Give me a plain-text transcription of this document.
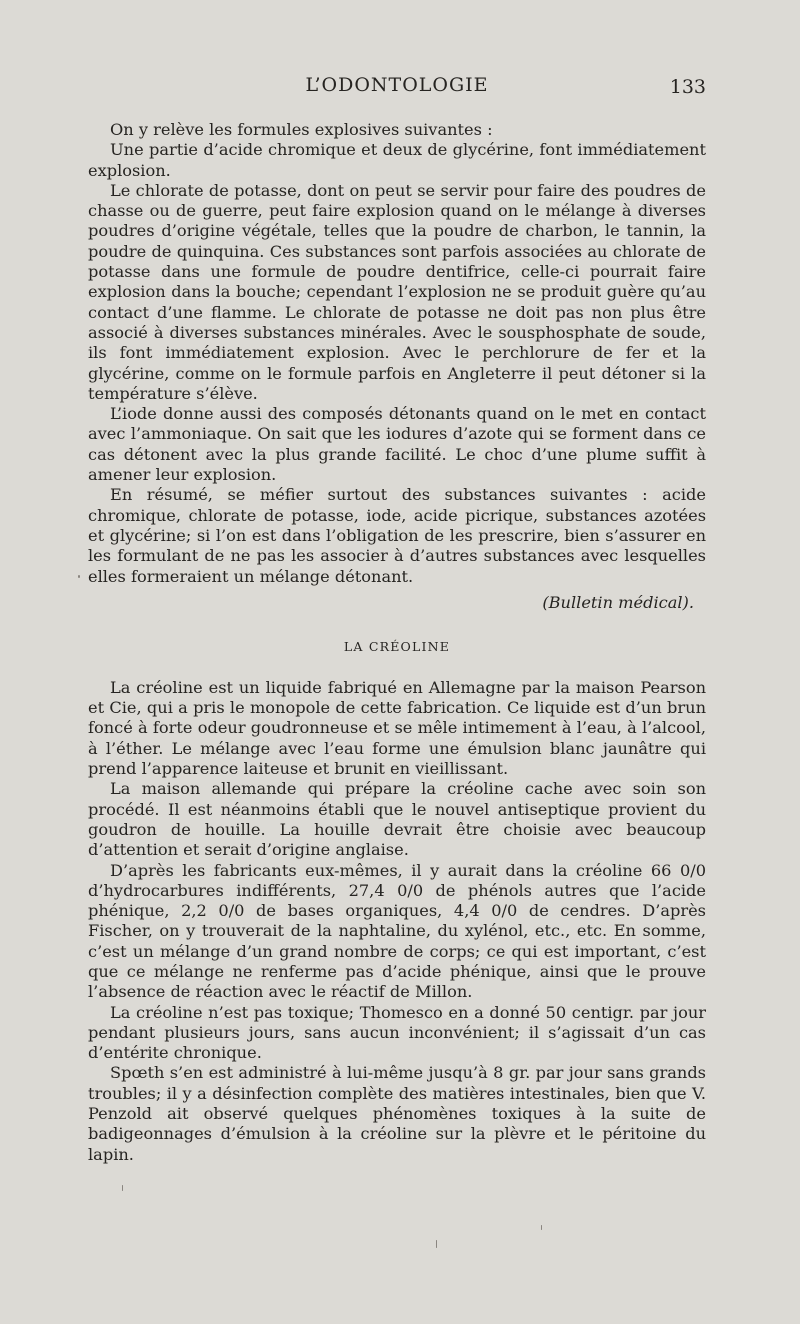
L’ODONTOLOGIE	133

On y relève les formules explosives suivantes :

Une partie d’acide chromique et deux de glycérine, font immédiatement explosion.

Le chlorate de potasse, dont on peut se servir pour faire des poudres de chasse ou de guerre, peut faire explosion quand on le mélange à diverses poudres d’origine végétale, telles que la poudre de charbon, le tannin, la poudre de quinquina. Ces substances sont parfois associées au chlorate de potasse dans une formule de poudre dentifrice, celle-ci pourrait faire explosion dans la bouche; cependant l’explosion ne se produit guère qu’au contact d’une flamme. Le chlorate de potasse ne doit pas non plus être associé à diverses substances minérales. Avec le sousphosphate de soude, ils font immédiatement explosion. Avec le perchlorure de fer et la glycérine, comme on le formule parfois en Angleterre il peut détoner si la température s’élève.

L’iode donne aussi des composés détonants quand on le met en contact avec l’ammoniaque. On sait que les iodures d’azote qui se forment dans ce cas détonent avec la plus grande facilité. Le choc d’une plume suffit à amener leur explosion.

En résumé, se méfier surtout des substances suivantes : acide chromique, chlorate de potasse, iode, acide picrique, substances azotées et glycérine; si l’on est dans l’obligation de les prescrire, bien s’assurer en les formulant de ne pas les associer à d’autres substances avec lesquelles elles formeraient un mélange détonant.

(Bulletin médical).

LA CRÉOLINE

La créoline est un liquide fabriqué en Allemagne par la maison Pearson et Cie, qui a pris le monopole de cette fabrication. Ce liquide est d’un brun foncé à forte odeur goudronneuse et se mêle intimement à l’eau, à l’alcool, à l’éther. Le mélange avec l’eau forme une émulsion blanc jaunâtre qui prend l’apparence laiteuse et brunit en vieillissant.

La maison allemande qui prépare la créoline cache avec soin son procédé. Il est néanmoins établi que le nouvel antiseptique provient du goudron de houille. La houille devrait être choisie avec beaucoup d’attention et serait d’origine anglaise.

D’après les fabricants eux-mêmes, il y aurait dans la créoline 66 0/0 d’hydrocarbures indifférents, 27,4 0/0 de phénols autres que l’acide phénique, 2,2 0/0 de bases organiques, 4,4 0/0 de cendres. D’après Fischer, on y trouverait de la naphtaline, du xylénol, etc., etc. En somme, c’est un mélange d’un grand nombre de corps; ce qui est important, c’est que ce mélange ne renferme pas d’acide phénique, ainsi que le prouve l’absence de réaction avec le réactif de Millon.

La créoline n’est pas toxique; Thomesco en a donné 50 centigr. par jour pendant plusieurs jours, sans aucun inconvénient; il s’agissait d’un cas d’entérite chronique.

Spœth s’en est administré à lui-même jusqu’à 8 gr. par jour sans grands troubles; il y a désinfection complète des matières intestinales, bien que V. Penzold ait observé quelques phénomènes toxiques à la suite de badigeonnages d’émulsion à la créoline sur la plèvre et le péritoine du lapin.
